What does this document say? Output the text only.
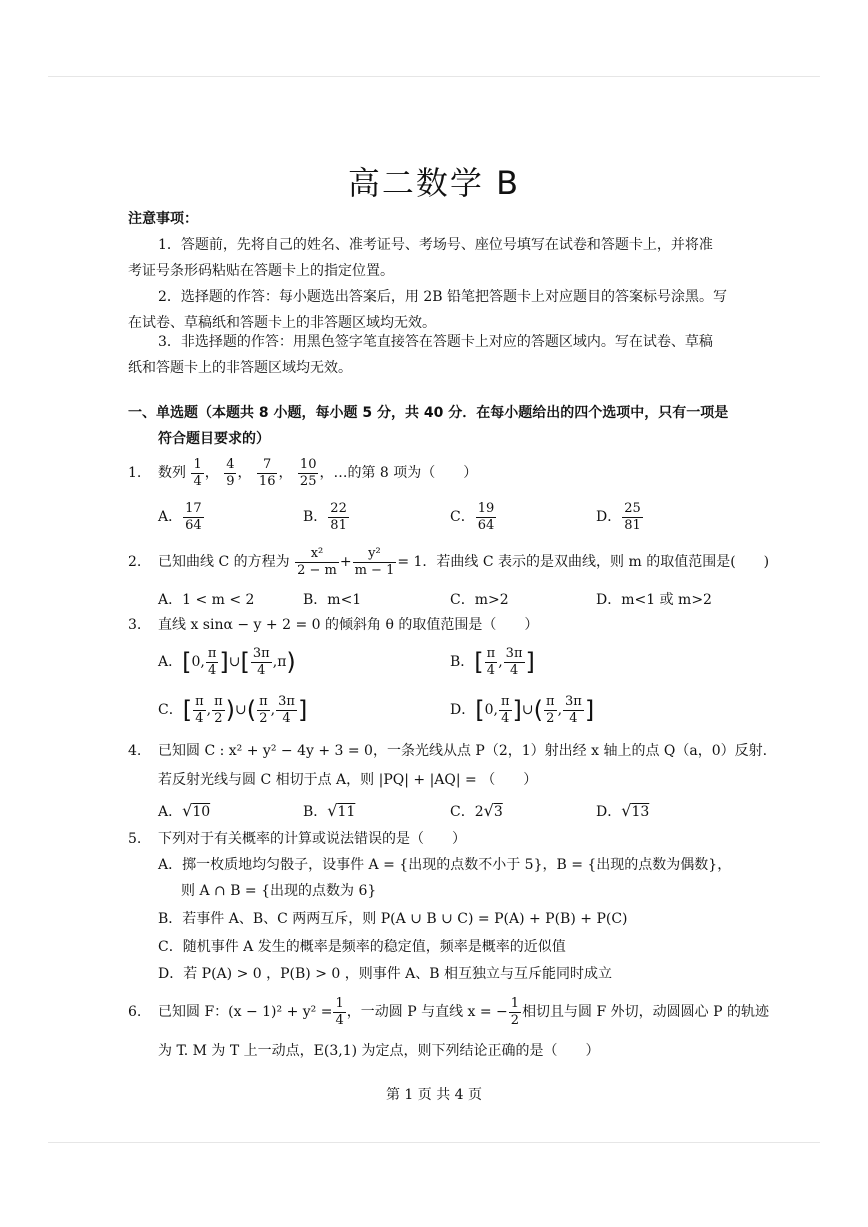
高二数学 B
注意事项：
1．答题前，先将自己的姓名、准考证号、考场号、座位号填写在试卷和答题卡上，并将准
考证号条形码粘贴在答题卡上的指定位置。
2．选择题的作答：每小题选出答案后，用 2B 铅笔把答题卡上对应题目的答案标号涂黑。写
在试卷、草稿纸和答题卡上的非答题区域均无效。
3．非选择题的作答：用黑色签字笔直接答在答题卡上对应的答题区域内。写在试卷、草稿
纸和答题卡上的非答题区域均无效。
一、单选题（本题共 8 小题，每小题 5 分，共 40 分．在每小题给出的四个选项中，只有一项是
符合题目要求的）
1. 数列 $\frac{1}{4}$ ， $\frac{4}{9}$ ， $\frac{7}{16}$ ， $\frac{10}{25}$ ，…的第 8 项为（　　）
A． $\frac{17}{64}$	B． $\frac{22}{81}$	C． $\frac{19}{64}$	D． $\frac{25}{81}$
2. 已知曲线 C 的方程为 $\frac{\text{x²}}{2 - m} + \frac{\text{y²}}{m - 1} = 1$．若曲线 C 表示的是双曲线，则 m 的取值范围是(　　)
A．1 < m < 2	B．m<1	C．m>2	D．m<1 或 m>2
3. 直线 x sinα − y + 2 = 0 的倾斜角 θ 的取值范围是（　　）
A．[0, $\frac{\pi}{4}$ ]∪[ $\frac{3\pi}{4} ,\pi$)	B．[ $\frac{\pi}{4}$ , $\frac{3\pi}{4}$ ]
C．[ $\frac{\pi}{4}$ , $\frac{\pi}{2}$ )∪( $\frac{\pi}{2}$ , $\frac{3\pi}{4}$ ]	D．[0, $\frac{\pi}{4}$ ]∪( $\frac{\pi}{2}$ , $\frac{3\pi}{4}$ ]
4. 已知圆 C : x² + y² − 4y + 3 = 0，一条光线从点 P（2，1）射出经 x 轴上的点 Q（a，0）反射.
若反射光线与圆 C 相切于点 A，则 |PQ| + |AQ| = （　　）
A．√10	B．√11	C．2√3	D．√13
5. 下列对于有关概率的计算或说法错误的是（　　）
A．掷一枚质地均匀骰子，设事件 A = {出现的点数不小于 5}，B = {出现的点数为偶数}，
则 A ∩ B = {出现的点数为 6}
B．若事件 A、B、C 两两互斥，则 P(A ∪ B ∪ C) = P(A) + P(B) + P(C)
C．随机事件 A 发生的概率是频率的稳定值，频率是概率的近似值
D．若 P(A) > 0 ，P(B) > 0 ，则事件 A、B 相互独立与互斥能同时成立
6. 已知圆 F：$(x - 1)^2 + y^2 = \frac{1}{4}$ ，一动圆 P 与直线 x = − $\frac{1}{2}$ 相切且与圆 F 外切，动圆圆心 P 的轨迹
为 T. M 为 T 上一动点，E(3,1) 为定点，则下列结论正确的是（　　）
第 1 页 共 4 页
